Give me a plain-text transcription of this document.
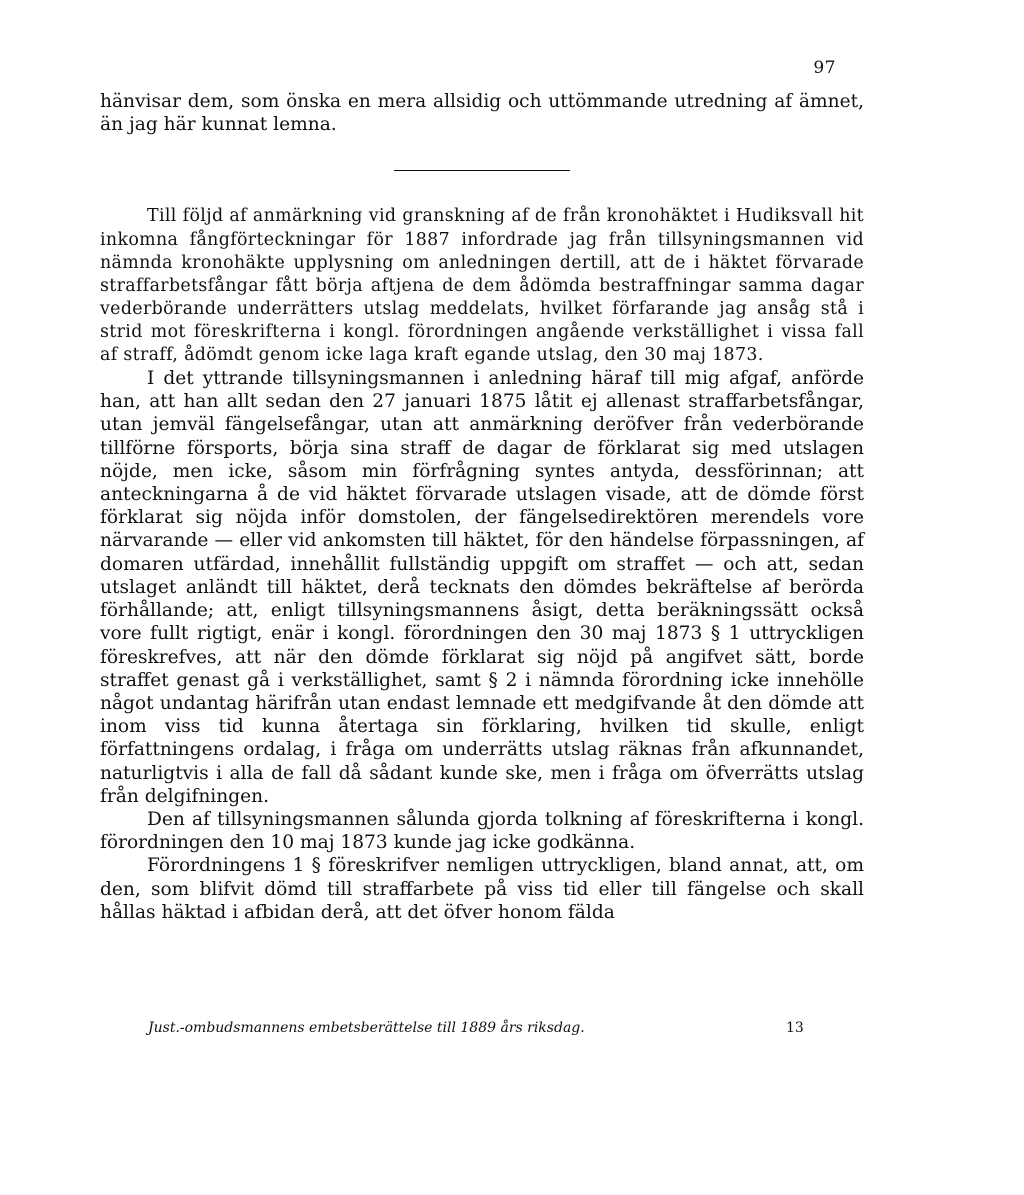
97

hänvisar dem, som önska en mera allsidig och uttömmande utredning af ämnet, än jag här kunnat lemna.

Till följd af anmärkning vid granskning af de från kronohäktet i Hudiksvall hit inkomna fångförteckningar för 1887 infordrade jag från tillsyningsmannen vid nämnda kronohäkte upplysning om anledningen dertill, att de i häktet förvarade straffarbetsfångar fått börja aftjena de dem ådömda bestraffningar samma dagar vederbörande underrätters utslag meddelats, hvilket förfarande jag ansåg stå i strid mot föreskrifterna i kongl. förordningen angående verkställighet i vissa fall af straff, ådömdt genom icke laga kraft egande utslag, den 30 maj 1873.

I det yttrande tillsyningsmannen i anledning häraf till mig afgaf, anförde han, att han allt sedan den 27 januari 1875 låtit ej allenast straffarbetsfångar, utan jemväl fängelsefångar, utan att anmärkning deröfver från vederbörande tillförne försports, börja sina straff de dagar de förklarat sig med utslagen nöjde, men icke, såsom min förfrågning syntes antyda, dessförinnan; att anteckningarna å de vid häktet förvarade utslagen visade, att de dömde först förklarat sig nöjda inför domstolen, der fängelsedirektören merendels vore närvarande — eller vid ankomsten till häktet, för den händelse förpassningen, af domaren utfärdad, innehållit fullständig uppgift om straffet — och att, sedan utslaget anländt till häktet, derå tecknats den dömdes bekräftelse af berörda förhållande; att, enligt tillsyningsmannens åsigt, detta beräkningssätt också vore fullt rigtigt, enär i kongl. förordningen den 30 maj 1873 § 1 uttryckligen föreskrefves, att när den dömde förklarat sig nöjd på angifvet sätt, borde straffet genast gå i verkställighet, samt § 2 i nämnda förordning icke innehölle något undantag härifrån utan endast lemnade ett medgifvande åt den dömde att inom viss tid kunna återtaga sin förklaring, hvilken tid skulle, enligt författningens ordalag, i fråga om underrätts utslag räknas från afkunnandet, naturligtvis i alla de fall då sådant kunde ske, men i fråga om öfverrätts utslag från delgifningen.

Den af tillsyningsmannen sålunda gjorda tolkning af föreskrifterna i kongl. förordningen den 10 maj 1873 kunde jag icke godkänna.

Förordningens 1 § föreskrifver nemligen uttryckligen, bland annat, att, om den, som blifvit dömd till straffarbete på viss tid eller till fängelse och skall hållas häktad i afbidan derå, att det öfver honom fälda

Just.-ombudsmannens embetsberättelse till 1889 års riksdag.	13
